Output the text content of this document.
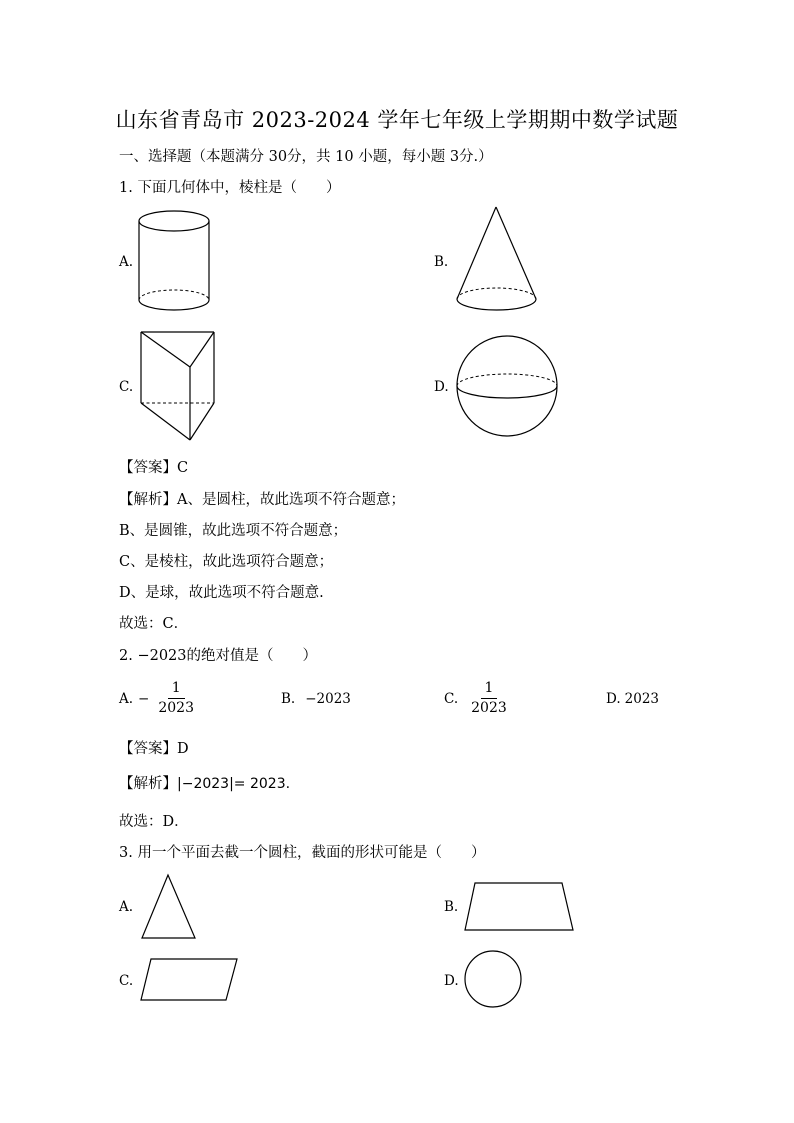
山东省青岛市 2023-2024 学年七年级上学期期中数学试题
一、选择题（本题满分 30分，共 10 小题，每小题 3分.）
1. 下面几何体中，棱柱是（　　）
A.	B.
C.	D.
【答案】C
【解析】A、是圆柱，故此选项不符合题意；
B、是圆锥，故此选项不符合题意；
C、是棱柱，故此选项符合题意；
D、是球，故此选项不符合题意.
故选：C．
2. −2023的绝对值是（　　）
A. − $\frac{1}{2023}$	B. −2023	C. $\frac{1}{2023}$	D. 2023
【答案】D
【解析】|−2023|= 2023.
故选：D．
3. 用一个平面去截一个圆柱，截面的形状可能是（　　）
A.	B.
C.	D.
